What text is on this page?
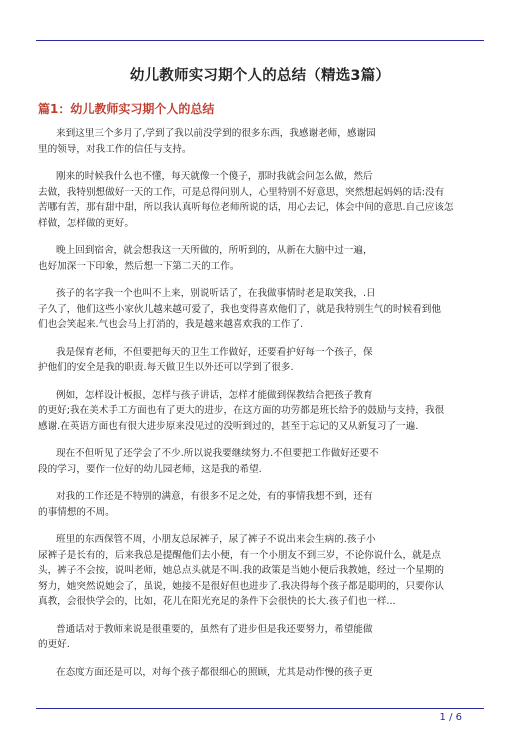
幼儿教师实习期个人的总结（精选3篇）
篇1：幼儿教师实习期个人的总结
来到这里三个多月了,学到了我以前没学到的很多东西，我感谢老师，感谢园
里的领导，对我工作的信任与支持。
刚来的时候我什么也不懂，每天就像一个傻子，那时我就会问怎么做，然后
去做，我特别想做好一天的工作，可是总得问别人，心里特别不好意思，突然想起妈妈的话:没有
苦哪有苦，那有甜中甜，所以我认真听每位老师所说的话，用心去记，体会中间的意思.自己应该怎
样做，怎样做的更好。
晚上回到宿舍，就会想我这一天所做的，所听到的，从新在大脑中过一遍，
也好加深一下印象，然后想一下第二天的工作。
孩子的名字我一个也叫不上来，别说听话了，在我做事情时老是取笑我，.日
子久了，他们这些小家伙儿越来越可爱了，我也变得喜欢他们了，就是我特别生气的时候看到他
们也会笑起来.气也会马上打消的，我是越来越喜欢我的工作了.
我是保育老师，不但要把每天的卫生工作做好，还要看护好每一个孩子，保
护他们的安全是我的职责.每天做卫生以外还可以学到了很多.
例如，怎样设计板报，怎样与孩子讲话，怎样才能做到保教结合把孩子教育
的更好;我在美术手工方面也有了更大的进步，在这方面的功劳都是班长给予的鼓励与支持，我很
感谢.在英语方面也有很大进步原来没见过的没听到过的，甚至于忘记的又从新复习了一遍.
现在不但听见了还学会了不少.所以说我要继续努力.不但要把工作做好还要不
段的学习，要作一位好的幼儿园老师，这是我的希望.
对我的工作还是不特别的满意，有很多不足之处，有的事情我想不到，还有
的事情想的不周。
班里的东西保管不周，小朋友总尿裤子，尿了裤子不说出来会生病的.孩子小
尿裤子是长有的，后来我总是提醒他们去小便，有一个小朋友不到三岁，不论你说什么，就是点
头，裤子不会按，说叫老师，她总点头就是不叫.我的政策是当她小便后我教她，经过一个星期的
努力，她突然说她会了，虽说，她接不是很好但也进步了.我决得每个孩子都是聪明的，只要你认
真教，会很快学会的，比如，花儿在阳光充足的条件下会很快的长大.孩子们也一样...
普通话对于教师来说是很重要的，虽然有了进步但是我还要努力，希望能做
的更好.
在态度方面还是可以，对每个孩子都很细心的照顾，尤其是动作慢的孩子更
1 / 6
